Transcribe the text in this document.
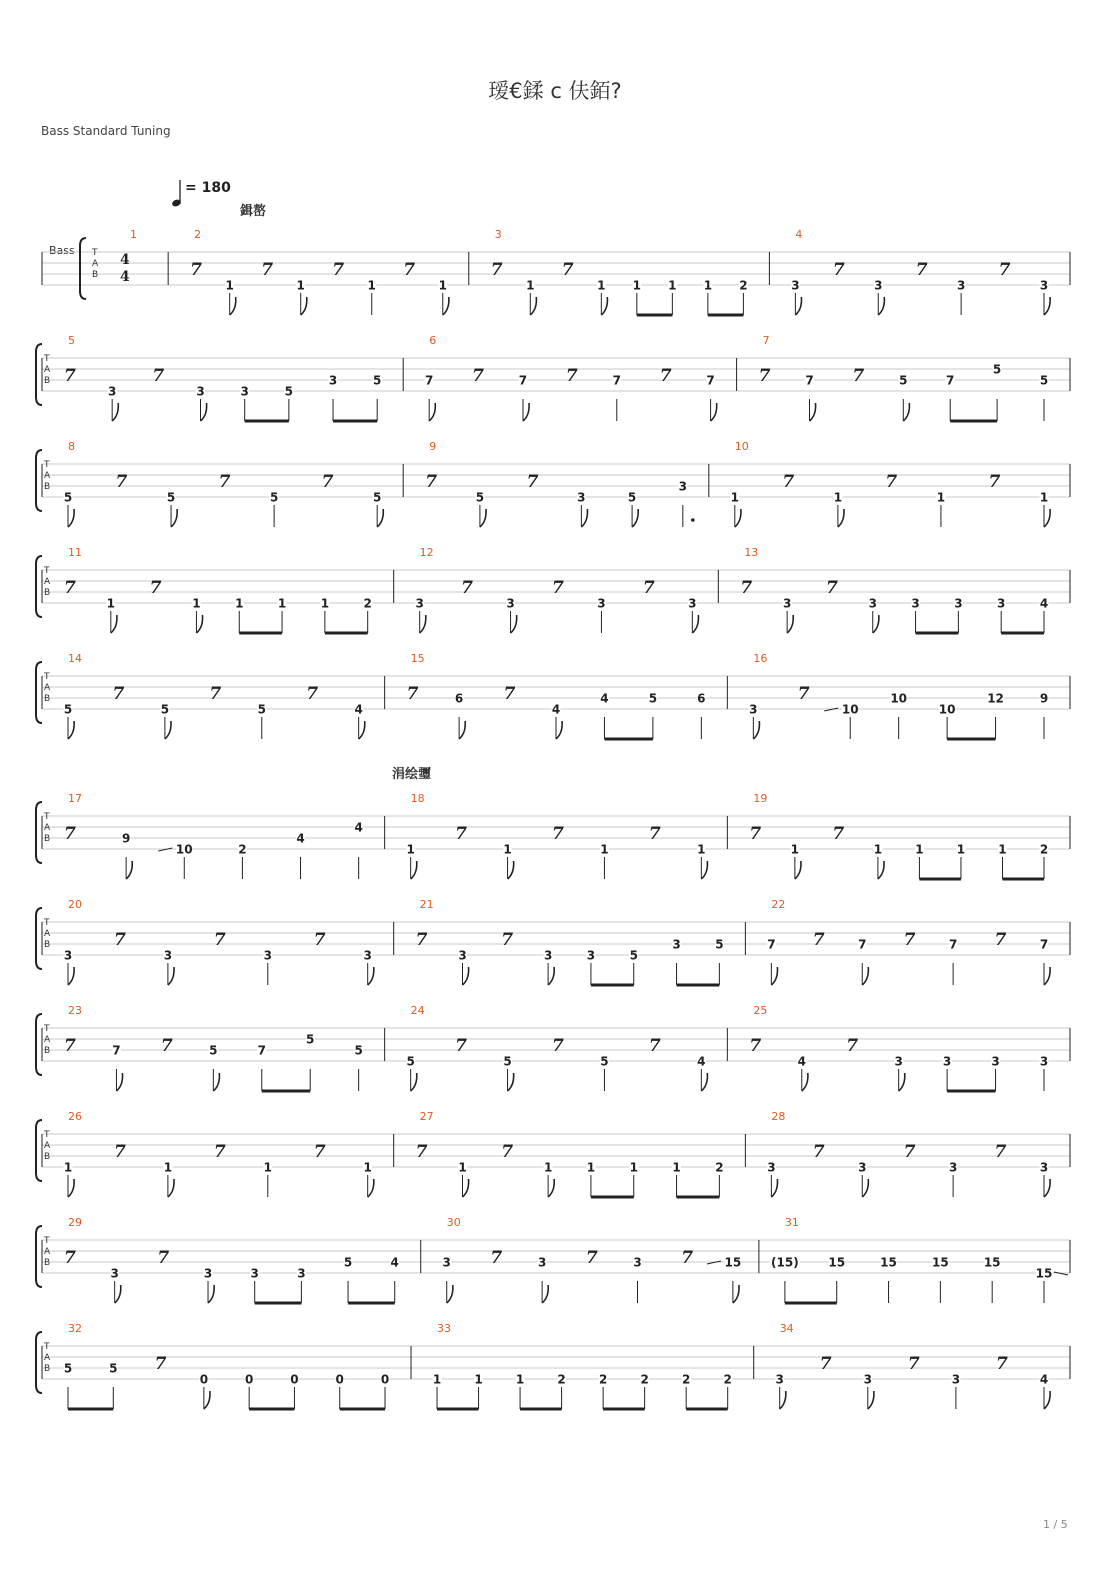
瑷€鍒 c 伕銆?
Bass Standard Tuning
= 180
鍓嶅
涓绘瓕
Bass T
A
B
1
4
4
2
7
1
7
1
7
1
7
1
3
7
1
7
1 1 1 1 2
4
3
7
3
7
3
7
3
T
A
B
5
7
3
7
3	3	5
3	5
6
7 7	7 7	7 7	7
7
7	7 7	5	7
5
5
T
A
B
8
5
7
5
7
5
7
5
9
7
5
7
3	5
3
10
1
7
1
7
1
7
1
T
A
B
11
7
1
7
1	1	1	1	2
12
3
7
3
7
3
7
3
13
7
3
7
3	3	3	3	4
T
A
B
14
5
7
5
7
5
7
4
15
7	6 7
4
4	5	6
16
3
7
10
10
10
12	9
T
A
B
17
7	9
10	2
4
4
18
1
7
1
7
1
7
1
19
7
1
7
1	1	1	1	2
T
A
B
20
3
7
3
7
3
7
3
21
7
3
7
3	3	5
3	5
22
7 7	7 7	7 7	7
T
A
B
23
7	7 7	5	7
5
5
24
5
7
5
7
5
7
4
25
7
4
7
3	3	3	3
T
A
B
26
1
7
1
7
1
7
1
27
7
1
7
1	1	1	1	2
28
3
7
3
7
3
7
3
T
A
B
29
7
3
7
3	3	3
5	4
30
3 7	3 7	3 7	15
31
(15) 15	15	15	15
15
T
A
B
32
5	5 7
0	0	0	0	0
33
1	1	1	2	2	2	2	2
34
3
7
3
7
3
7
4
1 / 5
